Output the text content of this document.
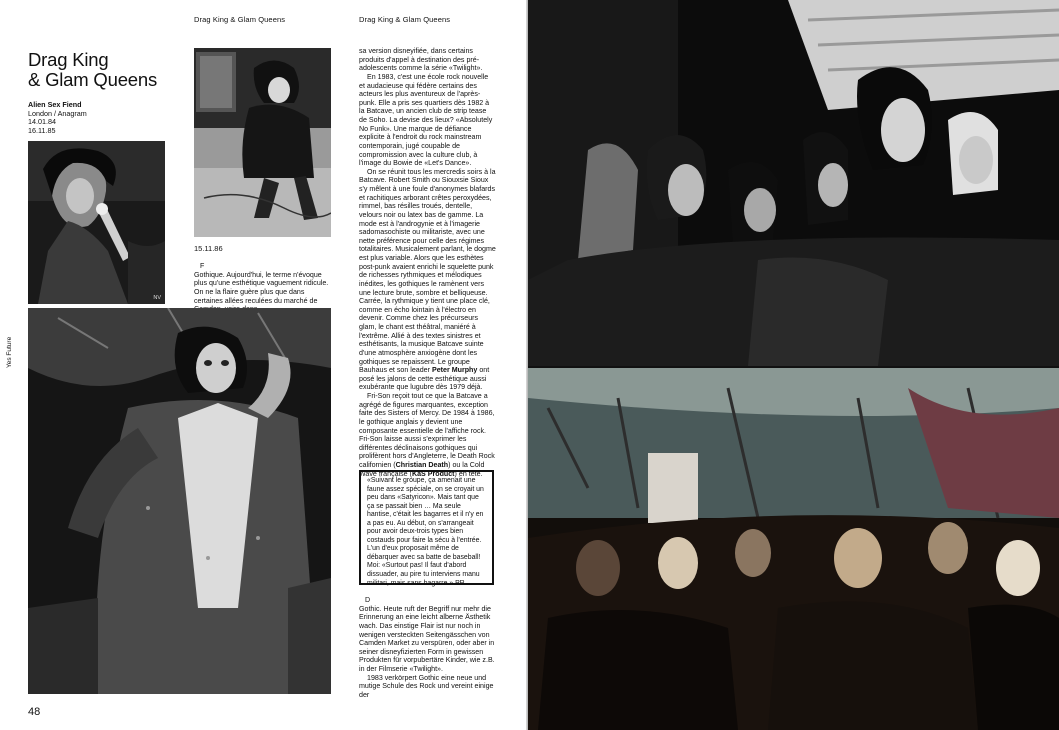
Drag King & Glam Queens	Drag King & Glam Queens
Drag King
& Glam Queens
Alien Sex Fiend
London / Anagram
14.01.84
16.11.85
NV
15.11.86

F

Gothique. Aujourd'hui, le terme n'évoque plus qu'une esthétique vaguement ridicule. On ne la flaire guère plus que dans certaines allées reculées du marché de

sa version disneyifiée, dans certains produits d'appel à destination des pré-adolescents comme la série «Twilight».

En 1983, c'est une école rock nouvelle et audacieuse qui fédère certains des acteurs les plus aventureux de l'après-punk. Elle a pris ses quartiers dès 1982 à la Batcave, un ancien club de strip tease de Soho. La devise des lieux? «Absolutely No Funk». Une marque de défiance explicite à l'endroit du rock mainstream contemporain, jugé coupable de compromission avec la culture club, à l'image du Bowie de «Let's Dance».

On se réunit tous les mercredis soirs à la Batcave. Robert Smith ou Siouxsie Sioux s'y mêlent à une foule d'anonymes blafards et rachitiques arborant crêtes peroxydées, rimmel, bas résilles troués, dentelle, velours noir ou latex bas de gamme. La mode est à l'androgynie et à l'imagerie sadomasochiste ou militariste, avec une nette préférence pour celle des régimes totalitaires. Musicalement parlant, le dogme est plus variable. Alors que les esthètes post-punk avaient enrichi le squelette punk de richesses rythmiques et mélodiques inédites, les gothiques le ramènent vers une lecture brute, sombre et belliqueuse. Carrée, la rythmique y tient une place clé, comme en écho lointain à l'électro en devenir. Comme chez les précurseurs glam, le chant est théâtral, maniéré à l'extrême. Allié à des textes sinistres et esthétisants, la musique Batcave suinte d'une atmosphère anxiogène dont les gothiques se repaissent. Le groupe Bauhaus et son leader Peter Murphy ont posé les jalons de cette esthétique aussi exubérante que lugubre dès 1979 déjà.

Fri-Son reçoit tout ce que la Batcave a agrégé de figures marquantes, exception faite des Sisters of Mercy. De 1984 à 1986, le gothique anglais y devient une composante essentielle de l'affiche rock. Fri-Son laisse aussi s'exprimer les différentes déclinaisons gothiques qui prolifèrent hors d'Angleterre, le Death Rock californien (Christian Death) ou la Cold Wave française (KaS Product) en tête.

«Suivant le groupe, ça amenait une faune assez spéciale, on se croyait un peu dans «Satyricon». Mais tant que ça se passait bien … Ma seule hantise, c'était les bagarres et il n'y en a pas eu. Au début, on s'arrangeait pour avoir deux-trois types bien costauds pour faire la sécu à l'entrée. L'un d'eux proposait même de débarquer avec sa batte de baseball! Moi: «Surtout pas! Il faut d'abord dissuader, au pire tu interviens manu militari, mais sans bagarre.» PR

D

Gothic. Heute ruft der Begriff nur mehr die Erinnerung an eine leicht alberne Ästhetik wach. Das einstige Flair ist nur noch in wenigen versteckten Seitengässchen von Camden Market zu verspüren, oder aber in seiner disneyfizierten Form in gewissen Produkten für vorpubertäre Kinder, wie z.B. in der Filmserie «Twilight».

1983 verkörpert Gothic eine neue und mutige Schule des Rock und vereint einige der

Yes Future
48
